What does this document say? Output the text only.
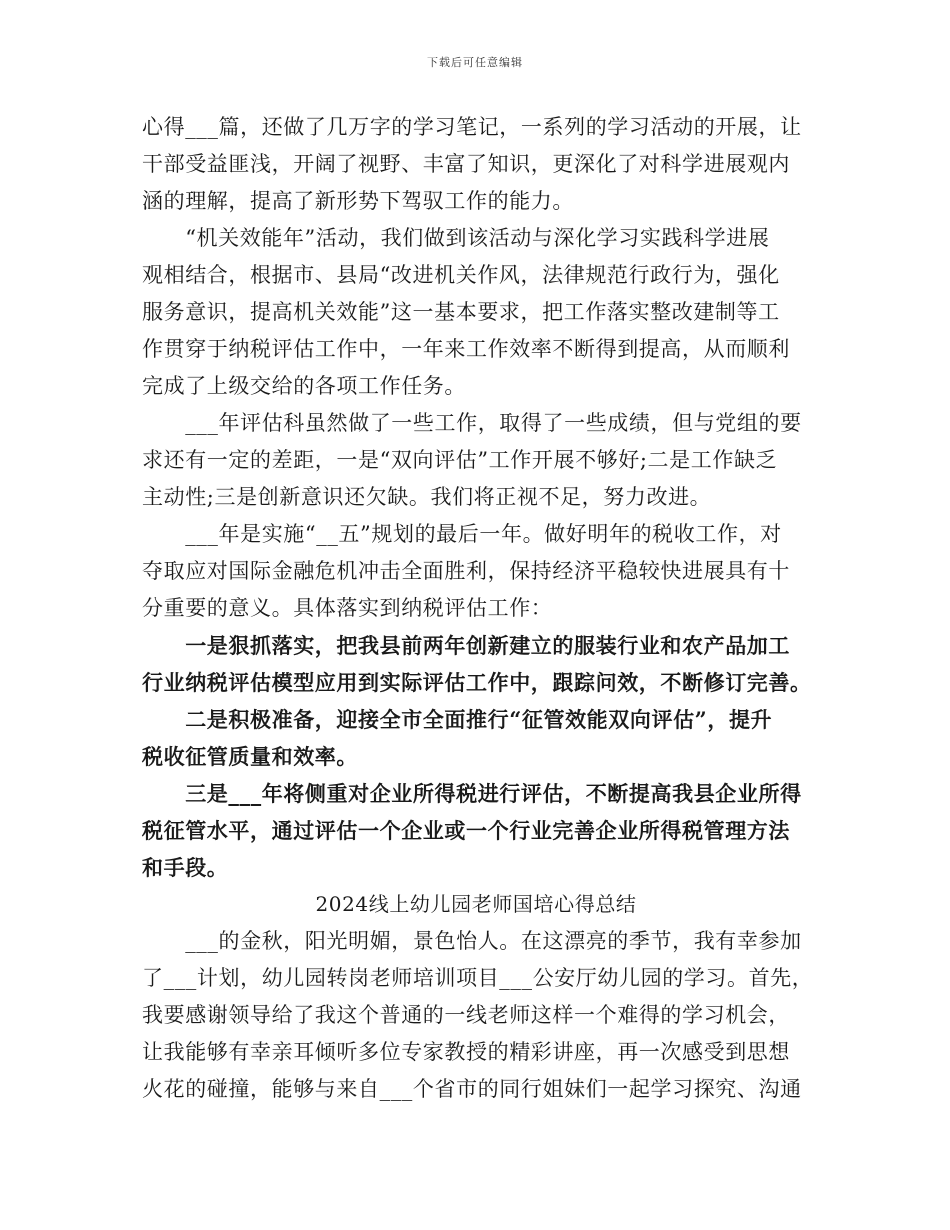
下载后可任意编辑
心得___篇，还做了几万字的学习笔记，一系列的学习活动的开展，让
干部受益匪浅，开阔了视野、丰富了知识，更深化了对科学进展观内
涵的理解，提高了新形势下驾驭工作的能力。
　　“机关效能年”活动，我们做到该活动与深化学习实践科学进展
观相结合，根据市、县局“改进机关作风，法律规范行政行为，强化
服务意识，提高机关效能”这一基本要求，把工作落实整改建制等工
作贯穿于纳税评估工作中，一年来工作效率不断得到提高，从而顺利
完成了上级交给的各项工作任务。
　　___年评估科虽然做了一些工作，取得了一些成绩，但与党组的要
求还有一定的差距，一是“双向评估”工作开展不够好;二是工作缺乏
主动性;三是创新意识还欠缺。我们将正视不足，努力改进。
　　___年是实施“__五”规划的最后一年。做好明年的税收工作，对
夺取应对国际金融危机冲击全面胜利，保持经济平稳较快进展具有十
分重要的意义。具体落实到纳税评估工作：
　　一是狠抓落实，把我县前两年创新建立的服装行业和农产品加工
行业纳税评估模型应用到实际评估工作中，跟踪问效，不断修订完善。
　　二是积极准备，迎接全市全面推行“征管效能双向评估”，提升
税收征管质量和效率。
　　三是___年将侧重对企业所得税进行评估，不断提高我县企业所得
税征管水平，通过评估一个企业或一个行业完善企业所得税管理方法
和手段。
2024线上幼儿园老师国培心得总结
　　___的金秋，阳光明媚，景色怡人。在这漂亮的季节，我有幸参加
了___计划，幼儿园转岗老师培训项目___公安厅幼儿园的学习。首先，
我要感谢领导给了我这个普通的一线老师这样一个难得的学习机会，
让我能够有幸亲耳倾听多位专家教授的精彩讲座，再一次感受到思想
火花的碰撞，能够与来自___个省市的同行姐妹们一起学习探究、沟通
